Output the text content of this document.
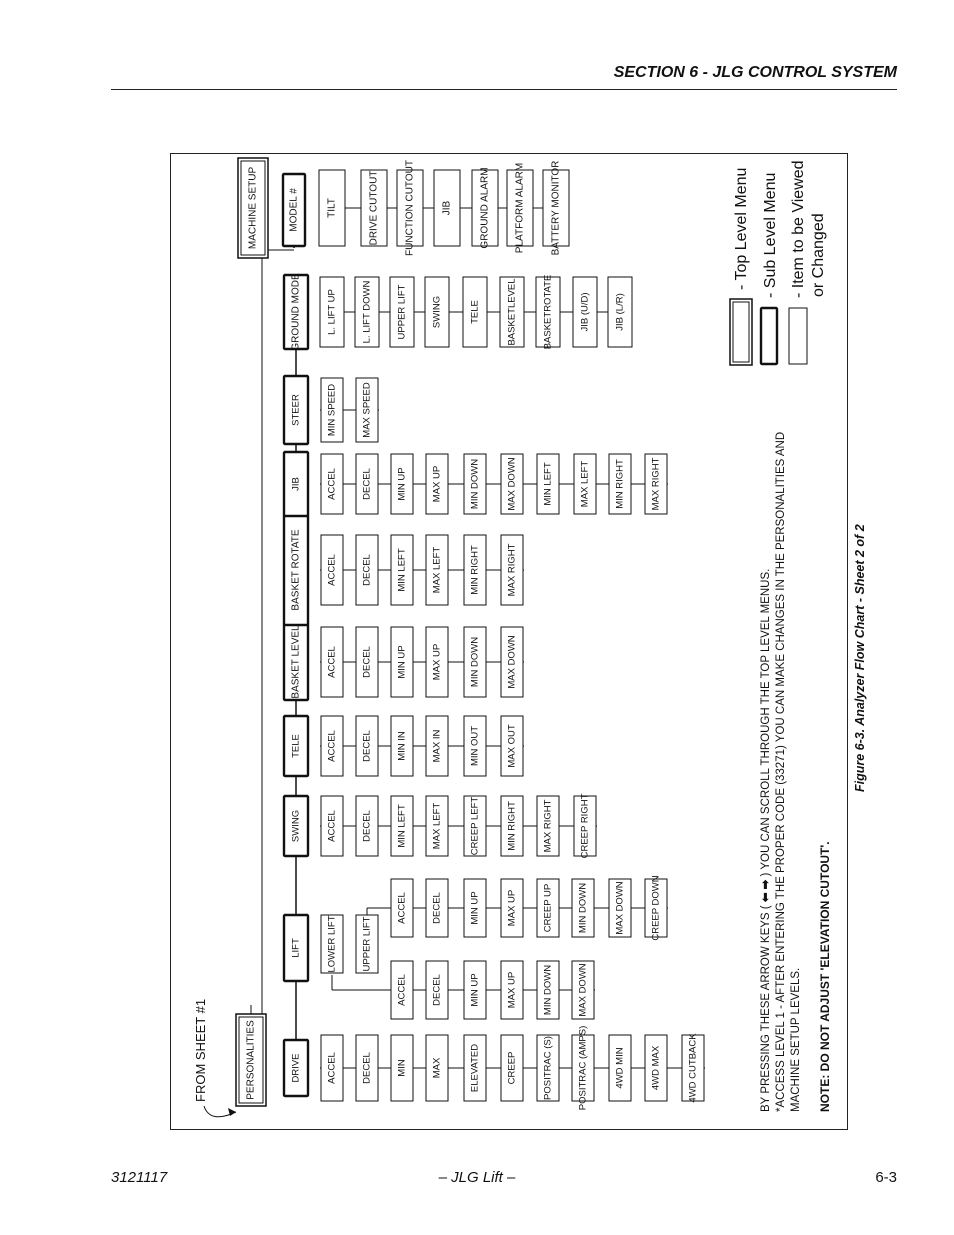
SECTION 6 - JLG CONTROL SYSTEM
PERSONALITIES
MACHINE SETUP
DRIVE
LIFT
SWING
TELE
BASKET LEVEL
BASKET ROTATE
JIB
STEER
GROUND MODE
MODEL #
ACCEL	DECEL	MIN	MAX	ELEVATED	CREEP	POSITRAC (S)	POSITRAC (AMPS)	4WD MIN	4WD MAX	4WD CUTBACK
LOWER LIFT	UPPER LIFT
ACCEL	DECEL	MIN UP	MAX UP	MIN DOWN	MAX DOWN
ACCEL	DECEL	MIN UP	MAX UP	CREEP UP	MIN DOWN	MAX DOWN	CREEP DOWN
ACCEL	DECEL	MIN LEFT	MAX LEFT	CREEP LEFT	MIN RIGHT	MAX RIGHT	CREEP RIGHT
ACCEL	DECEL	MIN IN	MAX IN	MIN OUT	MAX OUT
ACCEL	DECEL	MIN UP	MAX UP	MIN DOWN	MAX DOWN
ACCEL	DECEL	MIN LEFT	MAX LEFT	MIN RIGHT	MAX RIGHT
ACCEL	DECEL	MIN UP	MAX UP	MIN DOWN	MAX DOWN	MIN LEFT	MAX LEFT	MIN RIGHT	MAX RIGHT
MIN SPEED	MAX SPEED
L. LIFT UP	L. LIFT DOWN	UPPER LIFT	SWING	TELE	BASKETLEVEL	BASKETROTATE	JIB (U/D)	JIB (L/R)
TILT	DRIVE CUTOUT	FUNCTION CUTOUT	JIB	GROUND ALARM PLATFORM ALARM	BATTERY MONITOR
FROM SHEET #1	BY PRESSING THESE ARROW KEYS ( ⬅ ➡ ) YOU CAN SCROLL THROUGH THE TOP LEVEL MENUS. *ACCESS LEVEL 1 - AFTER ENTERING THE PROPER CODE (33271) YOU CAN MAKE CHANGES IN THE PERSONALITIES AND MACHINE SETUP LEVELS. NOTE: DO NOT ADJUST 'ELEVATION CUTOUT'.
Figure 6-3. Analyzer Flow Chart - Sheet 2 of 2
- Top Level Menu - Sub Level Menu - Item to be Viewed or Changed
3121117	– JLG Lift –	6-3
